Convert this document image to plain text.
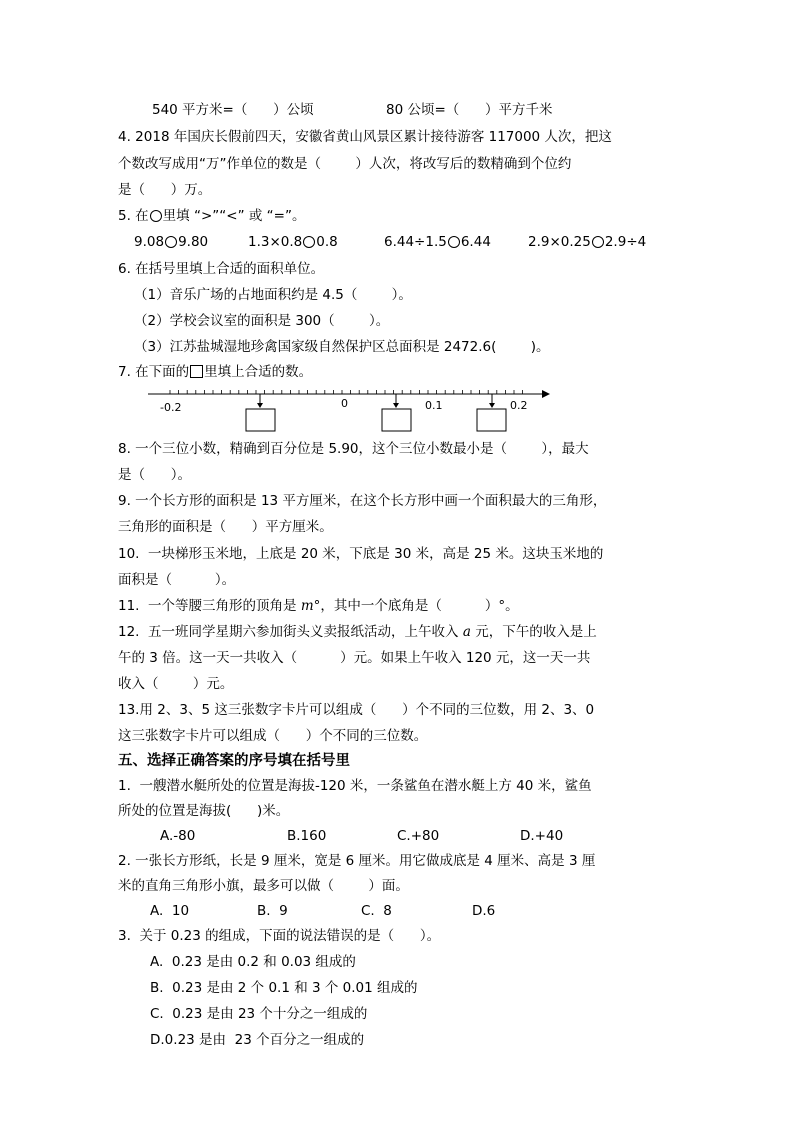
540 平方米=（      ）公顷	80 公顷=（      ）平方千米
4. 2018 年国庆长假前四天，安徽省黄山风景区累计接待游客 117000 人次，把这
个数改写成用“万”作单位的数是（        ）人次，将改写后的数精确到个位约
是（      ）万。
5. 在 里填 “>”“<” 或 “=”。
9.08 9.80	1.3×0.8 0.8	6.44÷1.5 6.44	2.9×0.25 2.9÷4
6. 在括号里填上合适的面积单位。
（1）音乐广场的占地面积约是 4.5（        ）。
（2）学校会议室的面积是 300（        ）。
（3）江苏盐城湿地珍禽国家级自然保护区总面积是 2472.6(        )。
7. 在下面的 里填上合适的数。
-0.2	0	0.1	0.2
8. 一个三位小数，精确到百分位是 5.90，这个三位小数最小是（        ），最大
是（      ）。
9. 一个长方形的面积是 13 平方厘米，在这个长方形中画一个面积最大的三角形，
三角形的面积是（      ）平方厘米。
10.  一块梯形玉米地，上底是 20 米，下底是 30 米，高是 25 米。这块玉米地的
面积是（          ）。
11.  一个等腰三角形的顶角是 m°，其中一个底角是（          ）°。
12.  五一班同学星期六参加街头义卖报纸活动，上午收入 a 元，下午的收入是上
午的 3 倍。这一天一共收入（          ）元。如果上午收入 120 元，这一天一共
收入（        ）元。
13.用 2、3、5 这三张数字卡片可以组成（      ）个不同的三位数，用 2、3、0
这三张数字卡片可以组成（      ）个不同的三位数。
五、选择正确答案的序号填在括号里
1.  一艘潜水艇所处的位置是海拔-120 米，一条鲨鱼在潜水艇上方 40 米，鲨鱼
所处的位置是海拔(      )米。
A.-80	B.160	C.+80	D.+40
2. 一张长方形纸，长是 9 厘米，宽是 6 厘米。用它做成底是 4 厘米、高是 3 厘
米的直角三角形小旗，最多可以做（        ）面。
A.  10	B.  9	C.  8	D.6
3.  关于 0.23 的组成，下面的说法错误的是（      ）。
A.  0.23 是由 0.2 和 0.03 组成的
B.  0.23 是由 2 个 0.1 和 3 个 0.01 组成的
C.  0.23 是由 23 个十分之一组成的
D.0.23 是由  23 个百分之一组成的
